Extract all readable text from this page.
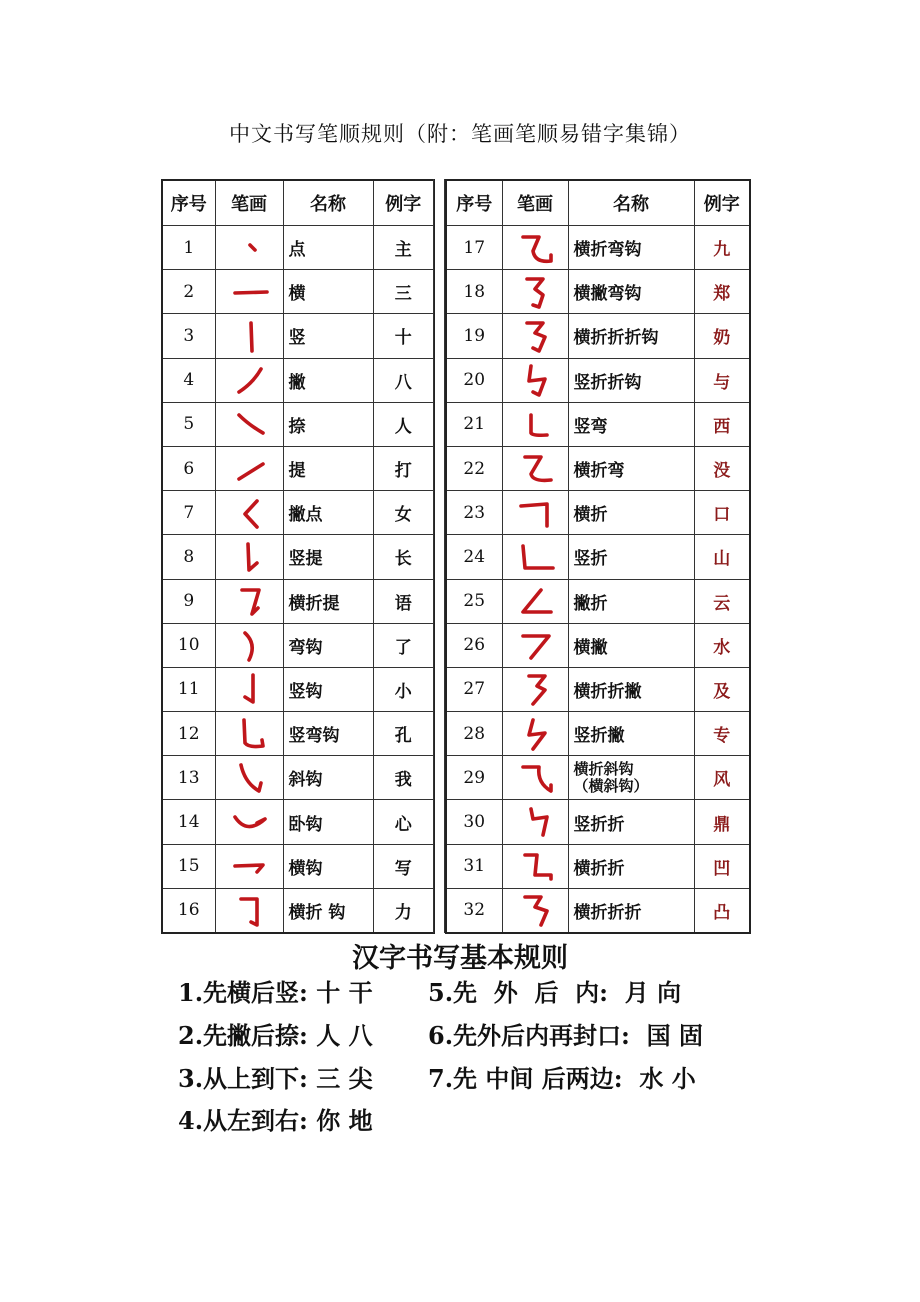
中文书写笔顺规则（附：笔画笔顺易错字集锦）
序号	笔画	名称	例字
1		点	主
2		横	三
3		竖	十
4		撇	八
5		捺	人
6		提	打
7		撇点	女
8		竖提	长
9		横折提	语
10		弯钩	了
11		竖钩	小
12		竖弯钩	孔
13		斜钩	我
14		卧钩	心
15		横钩	写
16		横折 钩	力
序号	笔画	名称	例字
17		横折弯钩	九
18		横撇弯钩	郑
19		横折折折钩	奶
20		竖折折钩	与
21		竖弯	西
22		横折弯	没
23		横折	口
24		竖折	山
25		撇折	云
26		横撇	水
27		横折折撇	及
28		竖折撇	专
29		横折斜钩
（横斜钩）	风
30		竖折折	鼎
31		横折折	凹
32		横折折折	凸
汉字书写基本规则
1.先横后竖: 十 干 5.先  外  后  内:  月 向
2.先撇后捺: 人 八 6.先外后内再封口:  国 固
3.从上到下: 三 尖 7.先 中间 后两边:  水 小
4.从左到右: 你 地
